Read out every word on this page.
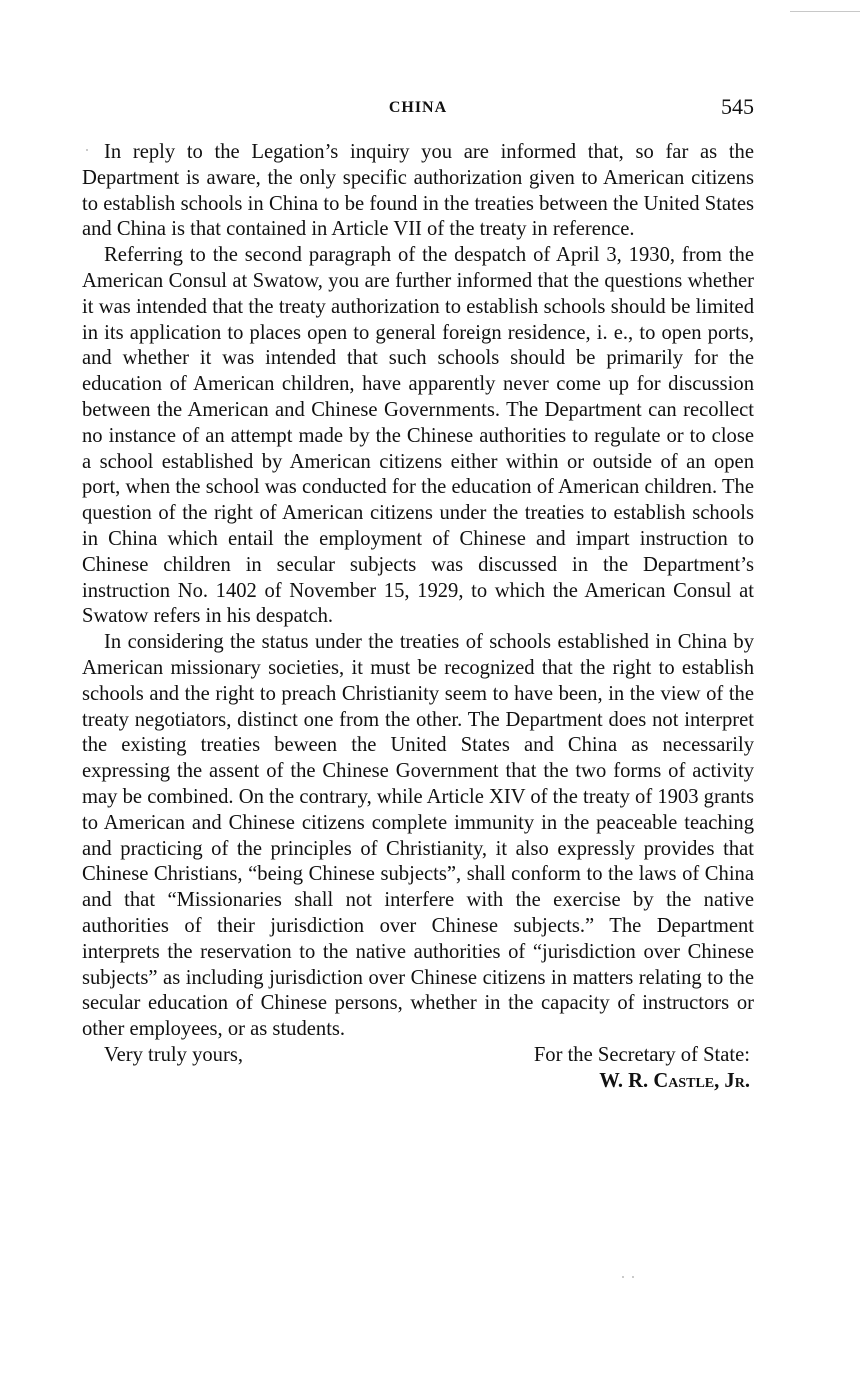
CHINA	545

In reply to the Legation’s inquiry you are informed that, so far as the Department is aware, the only specific authorization given to American citizens to establish schools in China to be found in the treaties between the United States and China is that contained in Article VII of the treaty in reference.

Referring to the second paragraph of the despatch of April 3, 1930, from the American Consul at Swatow, you are further informed that the questions whether it was intended that the treaty authorization to establish schools should be limited in its application to places open to general foreign residence, i. e., to open ports, and whether it was intended that such schools should be primarily for the education of American children, have apparently never come up for discussion between the American and Chinese Governments. The Department can recollect no instance of an attempt made by the Chinese authorities to regulate or to close a school established by American citizens either within or outside of an open port, when the school was conducted for the education of American children. The question of the right of American citizens under the treaties to establish schools in China which entail the employment of Chinese and impart instruction to Chinese children in secular subjects was discussed in the Department’s instruction No. 1402 of November 15, 1929, to which the American Consul at Swatow refers in his despatch.

In considering the status under the treaties of schools established in China by American missionary societies, it must be recognized that the right to establish schools and the right to preach Christianity seem to have been, in the view of the treaty negotiators, distinct one from the other. The Department does not interpret the existing treaties beween the United States and China as necessarily expressing the assent of the Chinese Government that the two forms of activity may be combined. On the contrary, while Article XIV of the treaty of 1903 grants to American and Chinese citizens complete immunity in the peaceable teaching and practicing of the principles of Christianity, it also expressly provides that Chinese Christians, “being Chinese subjects”, shall conform to the laws of China and that “Missionaries shall not interfere with the exercise by the native authorities of their jurisdiction over Chinese subjects.” The Department interprets the reservation to the native authorities of “jurisdiction over Chinese subjects” as including jurisdiction over Chinese citizens in matters relating to the secular education of Chinese persons, whether in the capacity of instructors or other employees, or as students.

Very truly yours,	For the Secretary of State:
W. R. Castle, Jr.
